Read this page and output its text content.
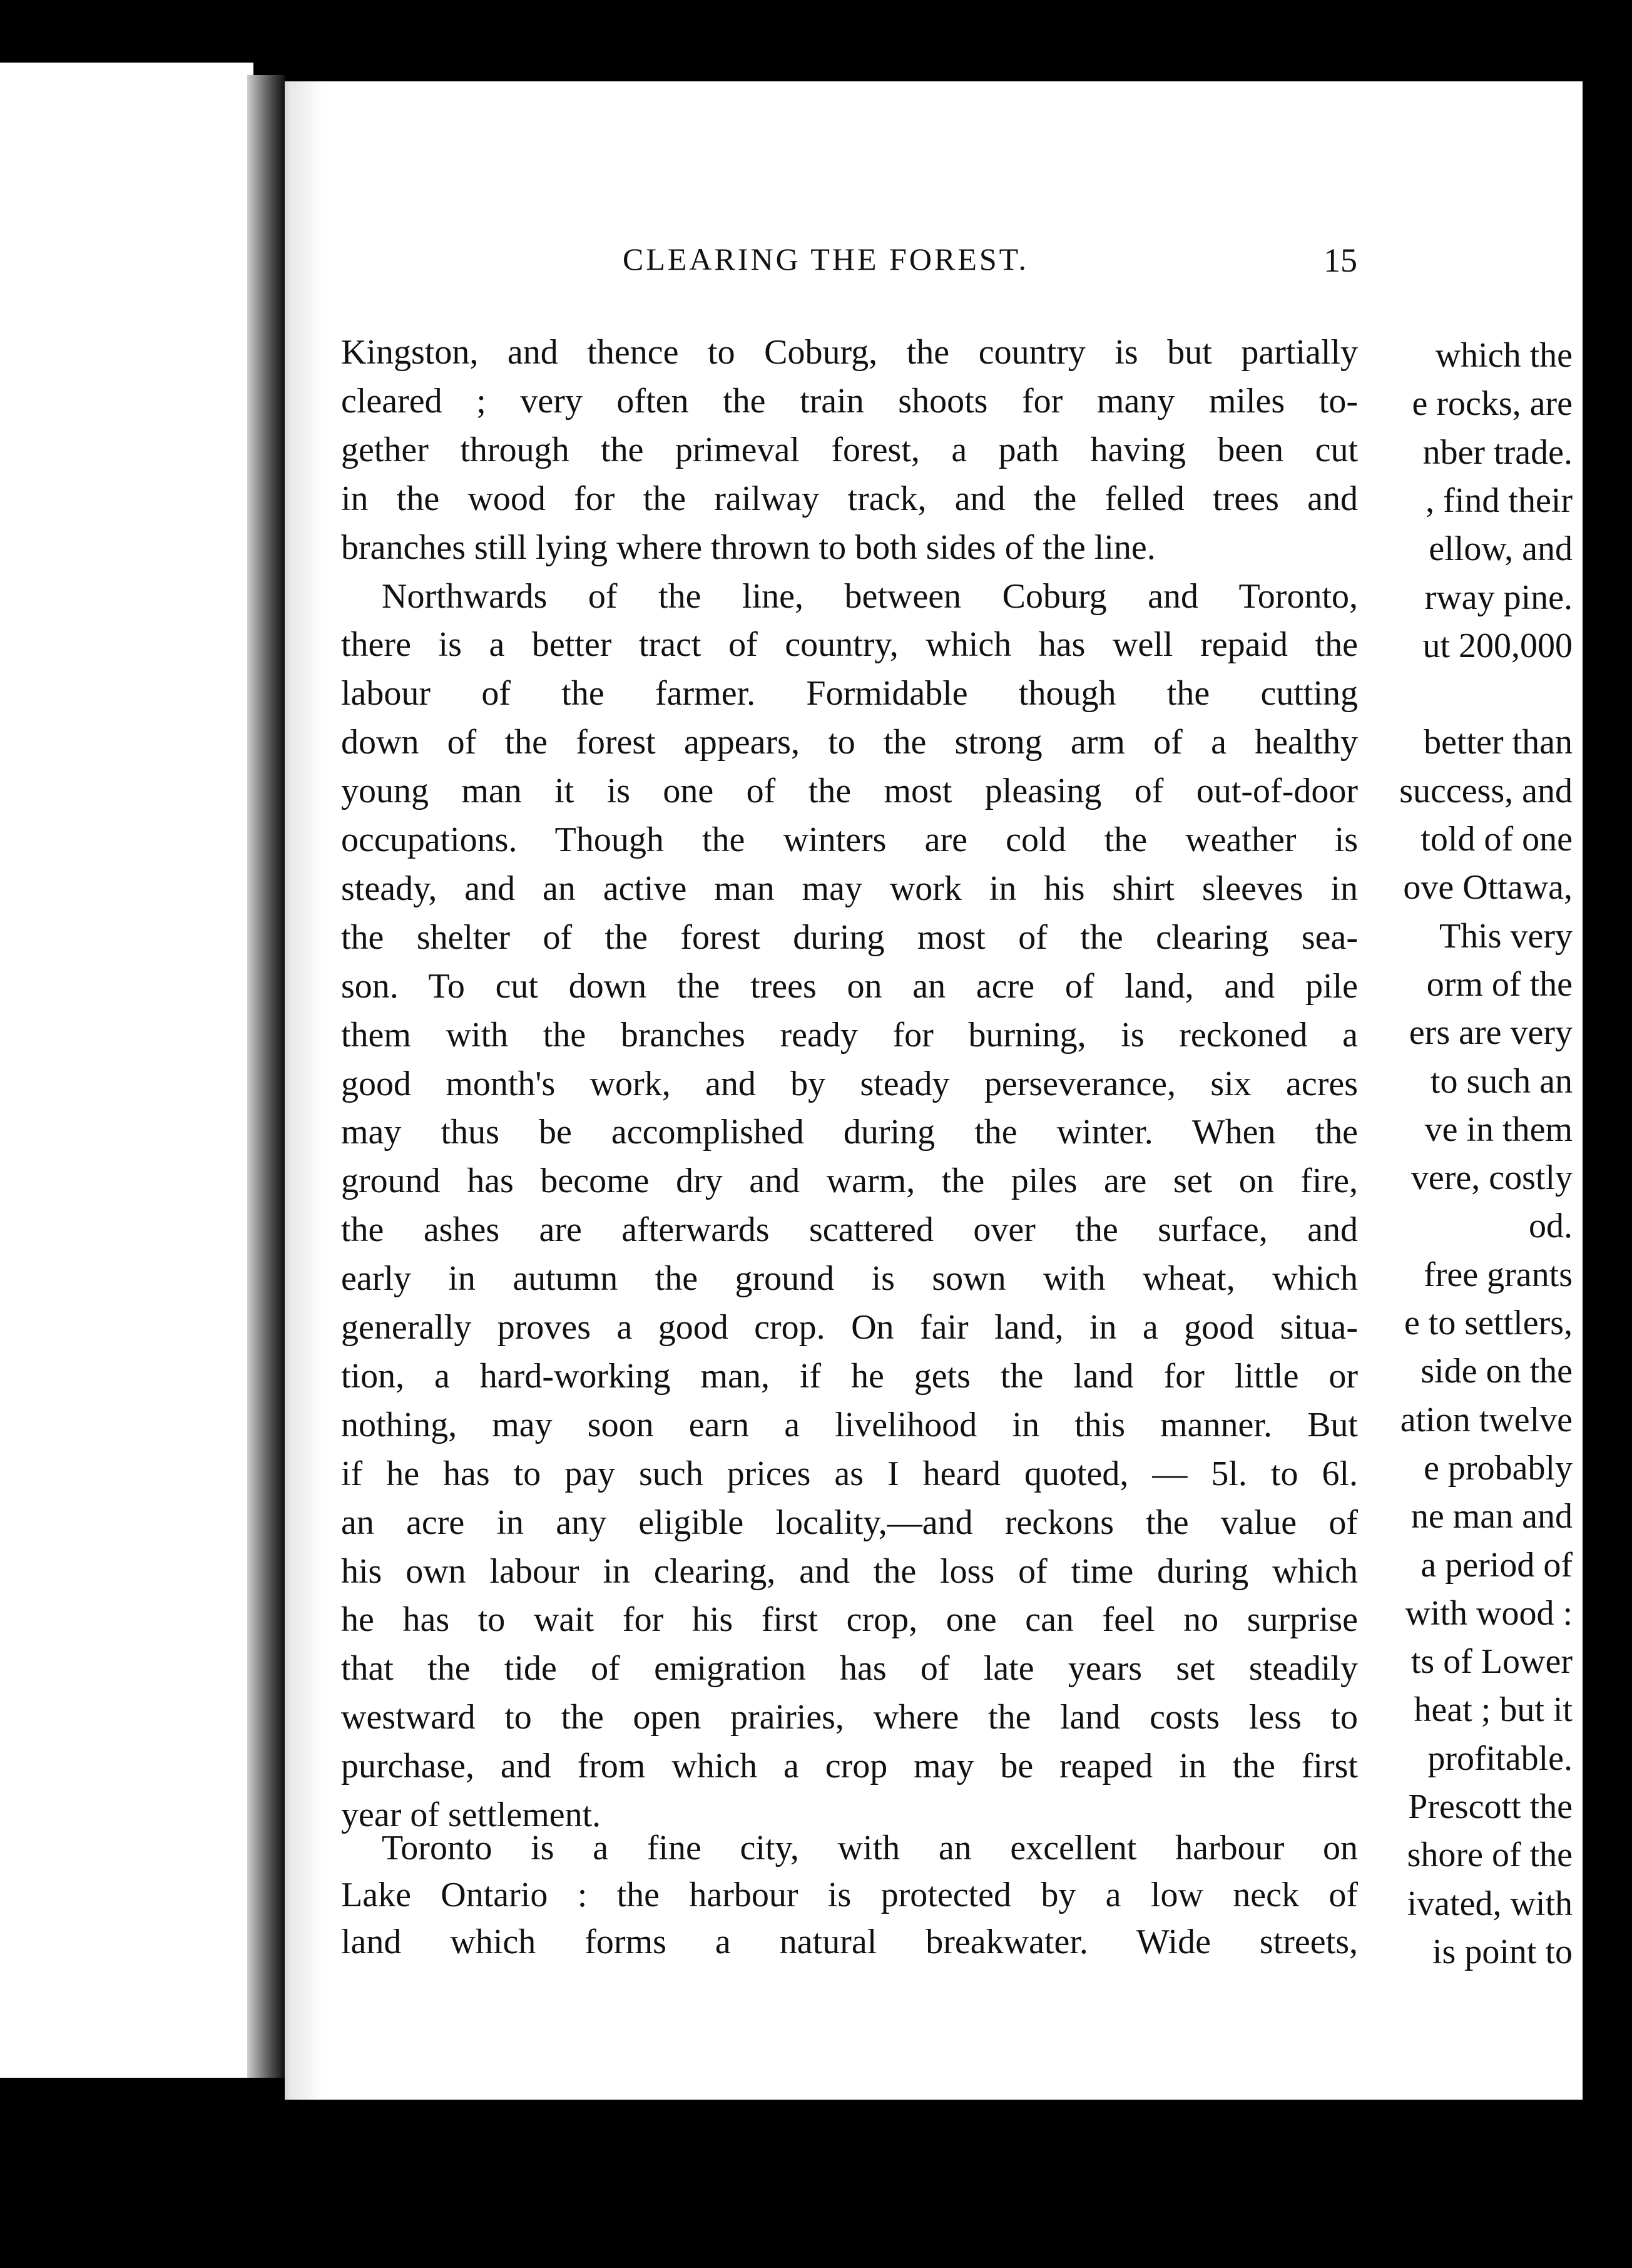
which the
e rocks, are
nber trade.
, find their
ellow, and
rway pine.
ut 200,000
better than
success, and
told of one
ove Ottawa,
This very
orm of the
ers are very
to such an
ve in them
vere, costly
od.
free grants
e to settlers,
side on the
ation twelve
e probably
ne man and
a period of
with wood :
ts of Lower
heat ; but it
profitable.
Prescott the
shore of the
ivated, with
is point to
CLEARING THE FOREST.	15
Kingston, and thence to Coburg, the country is but partially
cleared ; very often the train shoots for many miles to-
gether through the primeval forest, a path having been cut
in the wood for the railway track, and the felled trees and
branches still lying where thrown to both sides of the line.
Northwards of the line, between Coburg and Toronto,
there is a better tract of country, which has well repaid the
labour of the farmer. Formidable though the cutting
down of the forest appears, to the strong arm of a healthy
young man it is one of the most pleasing of out-of-door
occupations. Though the winters are cold the weather is
steady, and an active man may work in his shirt sleeves in
the shelter of the forest during most of the clearing sea-
son. To cut down the trees on an acre of land, and pile
them with the branches ready for burning, is reckoned a
good month's work, and by steady perseverance, six acres
may thus be accomplished during the winter. When the
ground has become dry and warm, the piles are set on fire,
the ashes are afterwards scattered over the surface, and
early in autumn the ground is sown with wheat, which
generally proves a good crop. On fair land, in a good situa-
tion, a hard-working man, if he gets the land for little or
nothing, may soon earn a livelihood in this manner. But
if he has to pay such prices as I heard quoted, — 5l. to 6l.
an acre in any eligible locality,—and reckons the value of
his own labour in clearing, and the loss of time during which
he has to wait for his first crop, one can feel no surprise
that the tide of emigration has of late years set steadily
westward to the open prairies, where the land costs less to
purchase, and from which a crop may be reaped in the first
year of settlement.
Toronto is a fine city, with an excellent harbour on
Lake Ontario : the harbour is protected by a low neck of
land which forms a natural breakwater. Wide streets,
